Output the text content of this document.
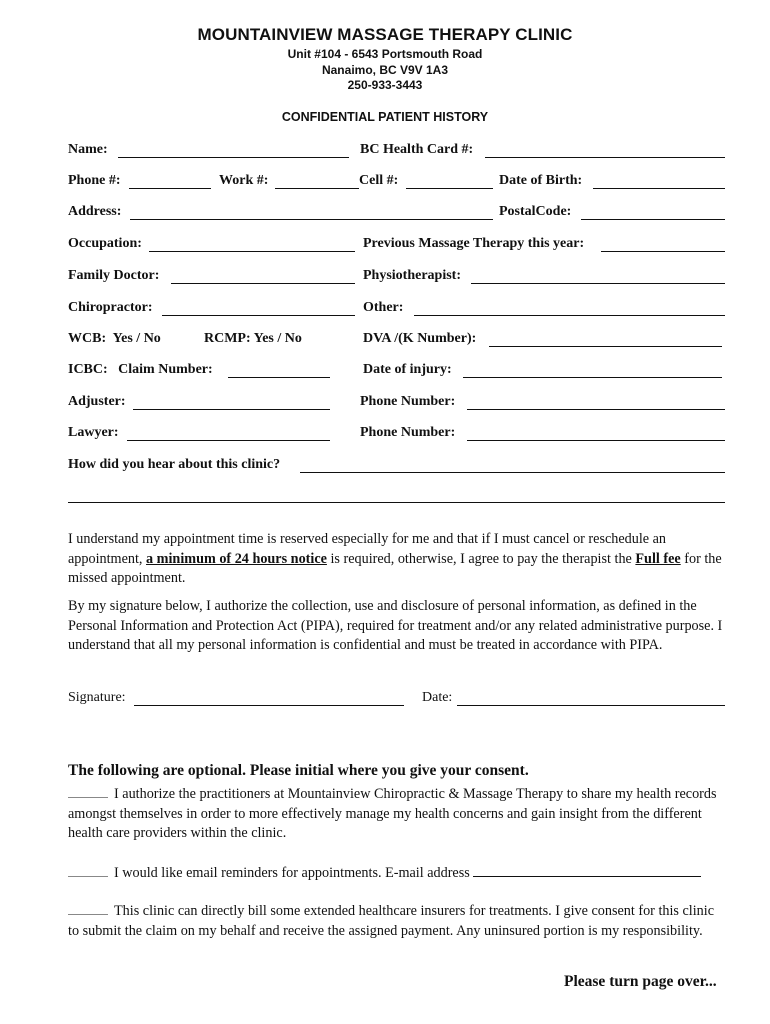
MOUNTAINVIEW MASSAGE THERAPY CLINIC
Unit #104 - 6543 Portsmouth Road
Nanaimo, BC V9V 1A3
250-933-3443
CONFIDENTIAL PATIENT HISTORY
Name:	BC Health Card #:
Phone #:	Work #:	Cell #:	Date of Birth:
Address:	PostalCode:
Occupation:	Previous Massage Therapy this year:
Family Doctor:	Physiotherapist:
Chiropractor:	Other:
WCB:  Yes / No	RCMP: Yes / No	DVA /(K Number):
ICBC:   Claim Number:	Date of injury:
Adjuster:	Phone Number:
Lawyer:	Phone Number:
How did you hear about this clinic?
I understand my appointment time is reserved especially for me and that if I must cancel or reschedule an appointment, a minimum of 24 hours notice is required, otherwise, I agree to pay the therapist the Full fee for the missed appointment.
By my signature below, I authorize the collection, use and disclosure of personal information, as defined in the Personal Information and Protection Act (PIPA), required for treatment and/or any related administrative purpose. I understand that all my personal information is confidential and must be treated in accordance with PIPA.
Signature:	Date:
The following are optional. Please initial where you give your consent.
I authorize the practitioners at Mountainview Chiropractic & Massage Therapy to share my health records amongst themselves in order to more effectively manage my health concerns and gain insight from the different health care providers within the clinic.
I would like email reminders for appointments. E-mail address
This clinic can directly bill some extended healthcare insurers for treatments. I give consent for this clinic to submit the claim on my behalf and receive the assigned payment. Any uninsured portion is my responsibility.
Please turn page over...
